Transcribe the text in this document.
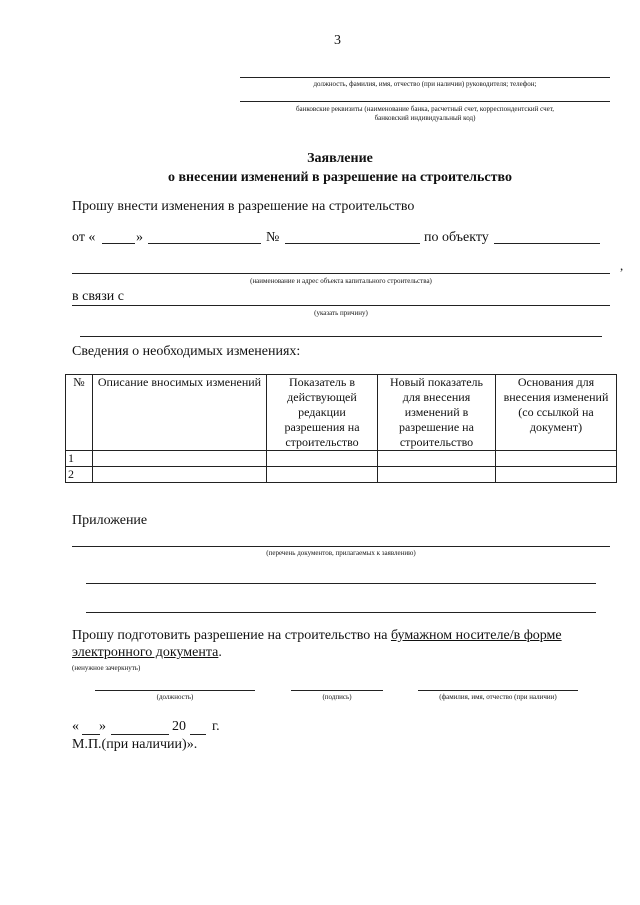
3
должность, фамилия, имя, отчество (при наличии) руководителя; телефон;
банковские реквизиты (наименование банка, расчетный счет, корреспондентский счет,
банковский индивидуальный код)
Заявление
о внесении изменений в разрешение на строительство
Прошу внести изменения в разрешение на строительство
от «	»	№	по объекту
,
(наименование и адрес объекта капитального строительства)
в связи с
(указать причину)
Сведения о необходимых изменениях:
№	Описание вносимых изменений	Показатель в действующей редакции разрешения на строительство	Новый показатель для внесения изменений в разрешение на строительство	Основания для внесения изменений (со ссылкой на документ)
1				
2				
Приложение
(перечень документов, прилагаемых к заявлению)
Прошу подготовить разрешение на строительство на бумажном носителе/в форме
электронного документа.
(ненужное зачеркнуть)
(должность)	(подпись)	(фамилия, имя, отчество (при наличии)
« »	20 г.
М.П.(при наличии)».
